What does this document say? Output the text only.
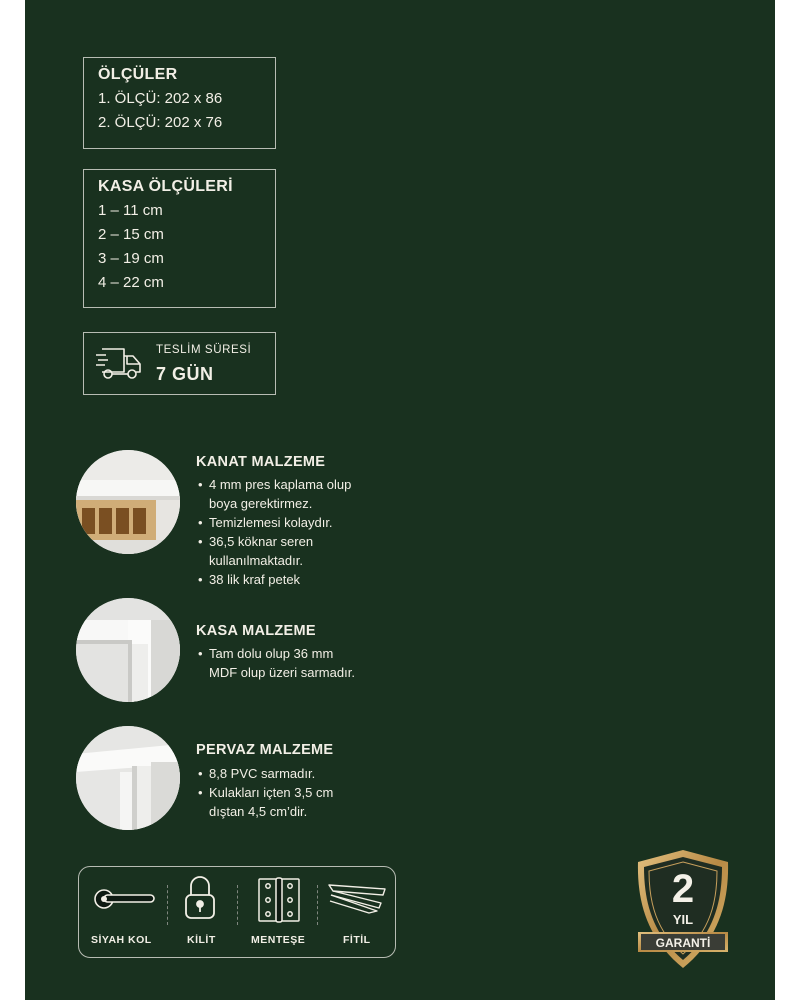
ÖLÇÜLER
1. ÖLÇÜ: 202 x 86
2. ÖLÇÜ: 202 x 76
KASA ÖLÇÜLERİ
1 – 11 cm
2 – 15 cm
3 – 19 cm
4 – 22 cm
TESLİM SÜRESİ
7 GÜN
KANAT MALZEME
• 4 mm pres kaplama olup
boya gerektirmez.
• Temizlemesi kolaydır.
• 36,5 köknar seren
kullanılmaktadır.
• 38 lik kraf petek
KASA MALZEME
• Tam dolu olup 36 mm
MDF olup üzeri sarmadır.
PERVAZ MALZEME
• 8,8 PVC sarmadır.
• Kulakları içten 3,5 cm
dıştan 4,5 cm’dir.
SİYAH KOL	KİLİT	MENTEŞE	FİTİL
2
YIL
GARANTİ
